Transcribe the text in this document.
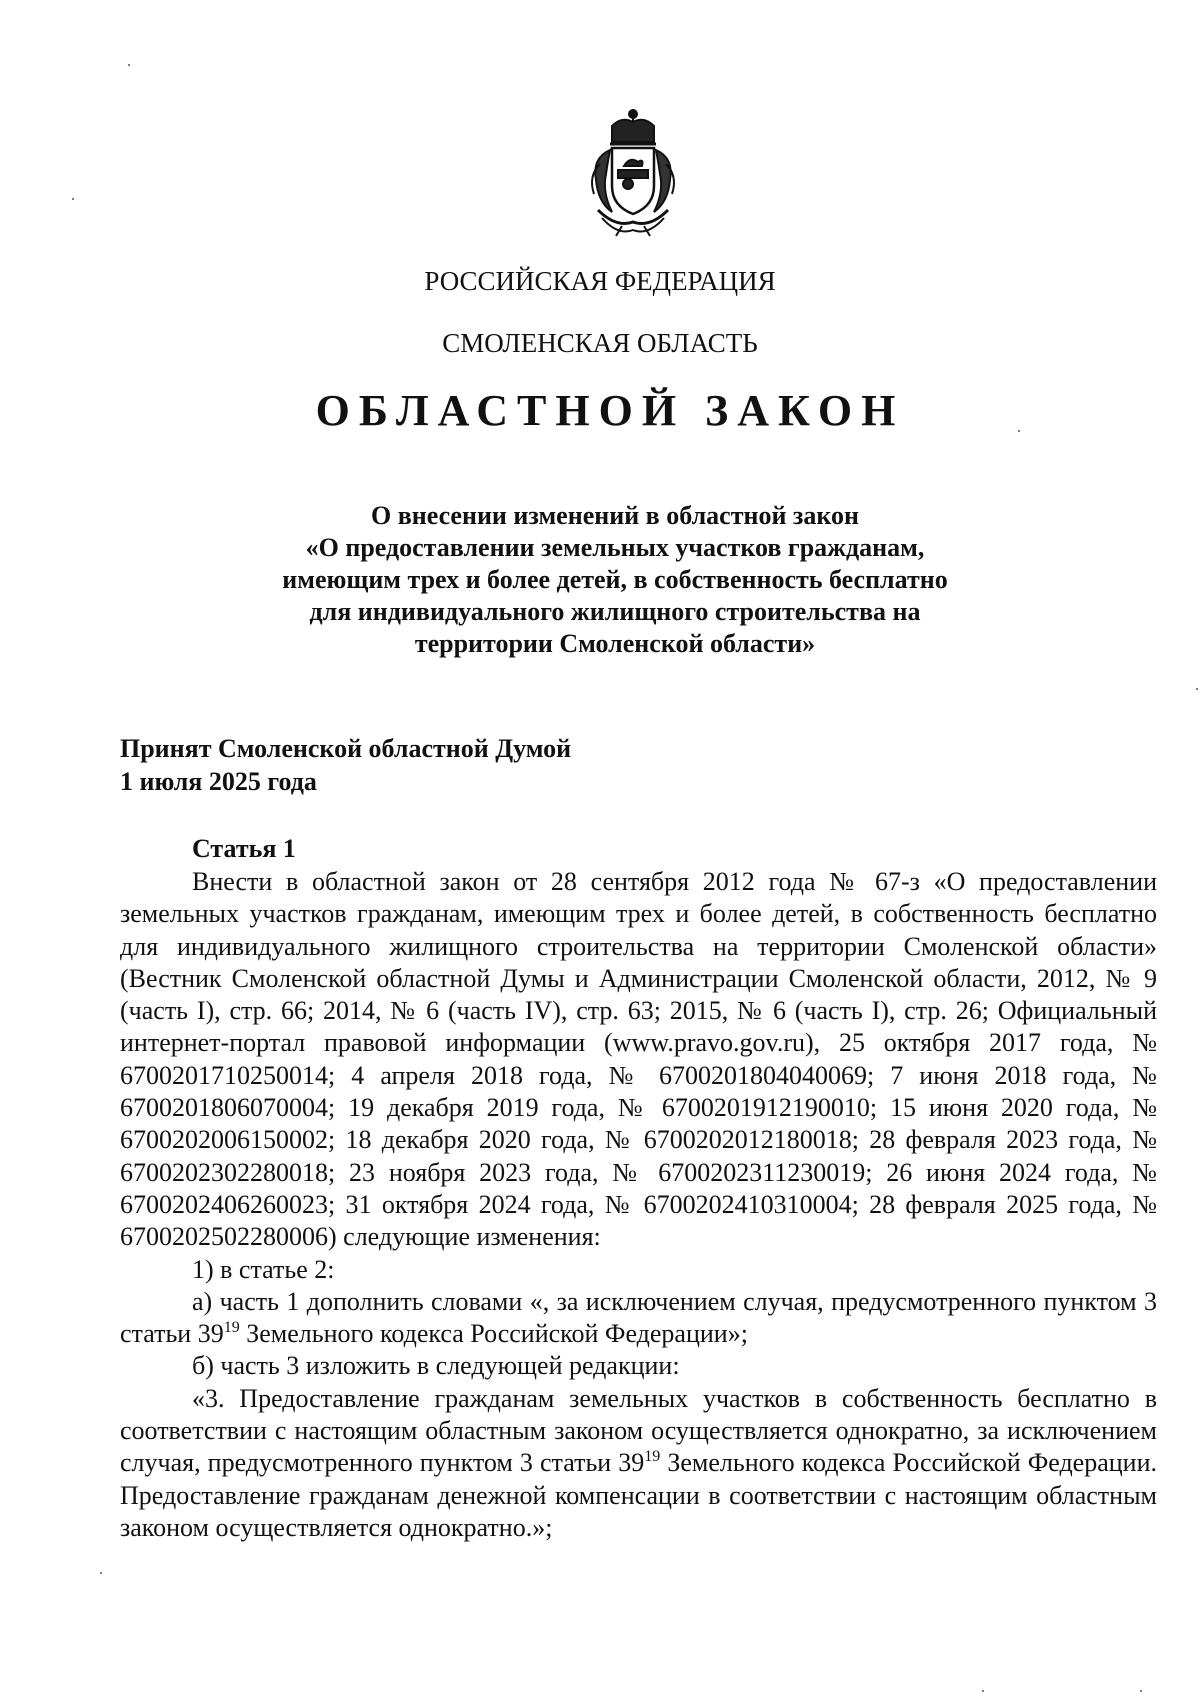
РОССИЙСКАЯ ФЕДЕРАЦИЯ
СМОЛЕНСКАЯ ОБЛАСТЬ
ОБЛАСТНОЙ ЗАКОН
О внесении изменений в областной закон
«О предоставлении земельных участков гражданам,
имеющим трех и более детей, в собственность бесплатно
для индивидуального жилищного строительства на
территории Смоленской области»
Принят Смоленской областной Думой
1 июля 2025 года
Статья 1

Внести в областной закон от 28 сентября 2012 года № 67-з «О предоставлении земельных участков гражданам, имеющим трех и более детей, в собственность бесплатно для индивидуального жилищного строительства на территории Смоленской области» (Вестник Смоленской областной Думы и Администрации Смоленской области, 2012, № 9 (часть I), стр. 66; 2014, № 6 (часть IV), стр. 63; 2015, № 6 (часть I), стр. 26; Официальный интернет-портал правовой информации (www.pravo.gov.ru), 25 октября 2017 года, № 6700201710250014; 4 апреля 2018 года, № 6700201804040069; 7 июня 2018 года, № 6700201806070004; 19 декабря 2019 года, № 6700201912190010; 15 июня 2020 года, № 6700202006150002; 18 декабря 2020 года, № 6700202012180018; 28 февраля 2023 года, № 6700202302280018; 23 ноября 2023 года, № 6700202311230019; 26 июня 2024 года, № 6700202406260023; 31 октября 2024 года, № 6700202410310004; 28 февраля 2025 года, № 6700202502280006) следующие изменения:

1) в статье 2:

а) часть 1 дополнить словами «, за исключением случая, предусмотренного пунктом 3 статьи $39^{19}$ Земельного кодекса Российской Федерации»;

б) часть 3 изложить в следующей редакции:

«3. Предоставление гражданам земельных участков в собственность бесплатно в соответствии с настоящим областным законом осуществляется однократно, за исключением случая, предусмотренного пунктом 3 статьи $39^{19}$ Земельного кодекса Российской Федерации. Предоставление гражданам денежной компенсации в соответствии с настоящим областным законом осуществляется однократно.»;
